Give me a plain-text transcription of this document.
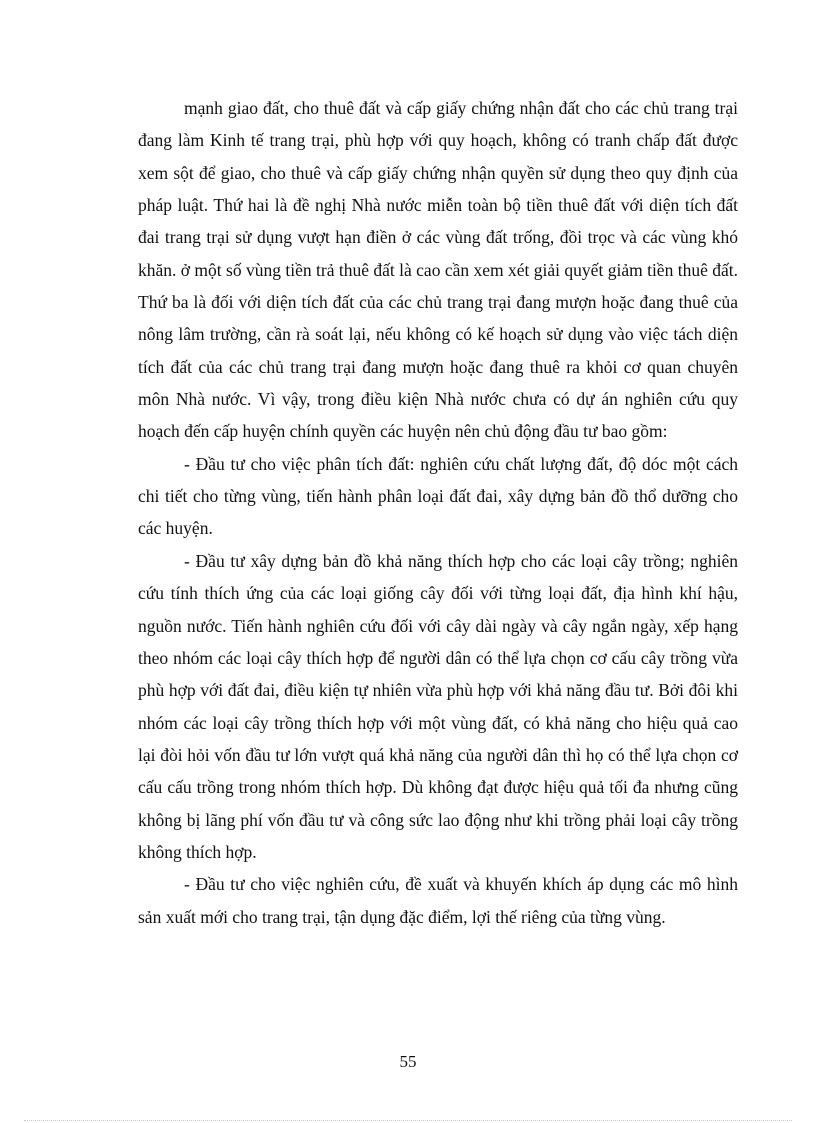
mạnh giao đất, cho thuê đất và cấp giấy chứng nhận đất cho các chủ trang trại đang làm Kinh tế trang trại, phù hợp với quy hoạch, không có tranh chấp đất được xem sột để giao, cho thuê và cấp giấy chứng nhận quyền sử dụng theo quy định của pháp luật. Thứ hai là đề nghị Nhà nước miễn toàn bộ tiền thuê đất với diện tích đất đai trang trại sử dụng vượt hạn điền ở các vùng đất trống, đồi trọc và các vùng khó khăn. ở một số vùng tiền trả thuê đất là cao cần xem xét giải quyết giảm tiền thuê đất. Thứ ba là đối với diện tích đất của các chủ trang trại đang mượn hoặc đang thuê của nông lâm trường, cần rà soát lại, nếu không có kế hoạch sử dụng vào việc tách diện tích đất của các chủ trang trại đang mượn hoặc đang thuê ra khỏi cơ quan chuyên môn Nhà nước. Vì vậy, trong điều kiện Nhà nước chưa có dự án nghiên cứu quy hoạch đến cấp huyện chính quyền các huyện nên chủ động đầu tư bao gồm:

- Đầu tư cho việc phân tích đất: nghiên cứu chất lượng đất, độ dóc một cách chi tiết cho từng vùng, tiến hành phân loại đất đai, xây dựng bản đồ thổ dưỡng cho các huyện.

- Đầu tư xây dựng bản đồ khả năng thích hợp cho các loại cây trồng; nghiên cứu tính thích ứng của các loại giống cây đối với từng loại đất, địa hình khí hậu, nguồn nước. Tiến hành nghiên cứu đối với cây dài ngày và cây ngắn ngày, xếp hạng theo nhóm các loại cây thích hợp để người dân có thể lựa chọn cơ cấu cây trồng vừa phù hợp với đất đai, điều kiện tự nhiên vừa phù hợp với khả năng đầu tư. Bởi đôi khi nhóm các loại cây trồng thích hợp với một vùng đất, có khả năng cho hiệu quả cao lại đòi hỏi vốn đầu tư lớn vượt quá khả năng của người dân thì họ có thể lựa chọn cơ cấu cấu trồng trong nhóm thích hợp. Dù không đạt được hiệu quả tối đa nhưng cũng không bị lãng phí vốn đầu tư và công sức lao động như khi trồng phải loại cây trồng không thích hợp.

- Đầu tư cho việc nghiên cứu, đề xuất và khuyến khích áp dụng các mô hình sản xuất mới cho trang trại, tận dụng đặc điểm, lợi thế riêng của từng vùng.

55
